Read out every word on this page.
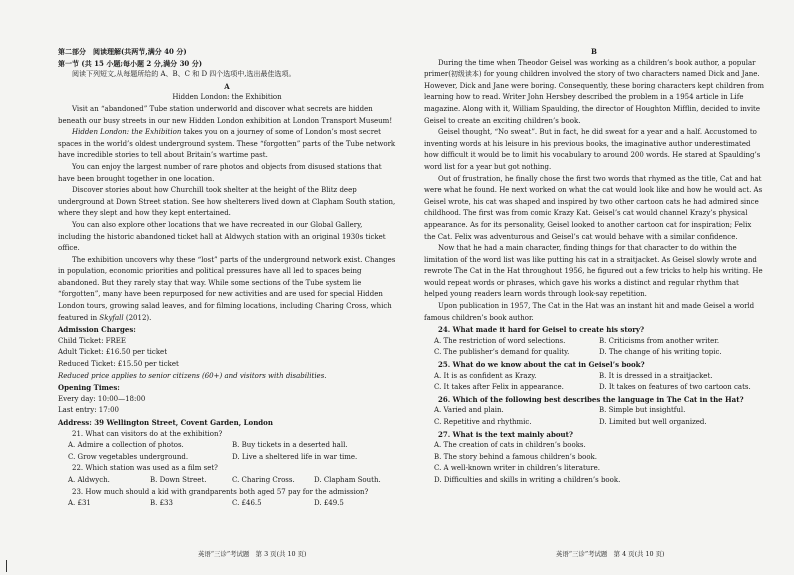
第二部分　阅读理解(共两节,满分 40 分)

第一节 (共 15 小题;每小题 2 分,满分 30 分)

阅读下列短文,从每题所给的 A、B、C 和 D 四个选项中,选出最佳选项。

A

Hidden London: the Exhibition

Visit an “abandoned” Tube station underworld and discover what secrets are hidden beneath our busy streets in our new Hidden London exhibition at London Transport Museum!

Hidden London: the Exhibition takes you on a journey of some of London’s most secret spaces in the world’s oldest underground system. These “forgotten” parts of the Tube network have incredible stories to tell about Britain’s wartime past.

You can enjoy the largest number of rare photos and objects from disused stations that have been brought together in one location.

Discover stories about how Churchill took shelter at the height of the Blitz deep underground at Down Street station. See how shelterers lived down at Clapham South station, where they slept and how they kept entertained.

You can also explore other locations that we have recreated in our Global Gallery, including the historic abandoned ticket hall at Aldwych station with an original 1930s ticket office.

The exhibition uncovers why these “lost” parts of the underground network exist. Changes in population, economic priorities and political pressures have all led to spaces being abandoned. But they rarely stay that way. While some sections of the Tube system lie “forgotten”, many have been repurposed for new activities and are used for special Hidden London tours, growing salad leaves, and for filming locations, including Charing Cross, which featured in Skyfall (2012).

Admission Charges:

Child Ticket: FREE

Adult Ticket: £16.50 per ticket

Reduced Ticket: £15.50 per ticket

Reduced price applies to senior citizens (60+) and visitors with disabilities.

Opening Times:

Every day: 10:00—18:00

Last entry: 17:00

Address: 39 Wellington Street, Covent Garden, London

21. What can visitors do at the exhibition?

A. Admire a collection of photos.	B. Buy tickets in a deserted hall.
C. Grow vegetables underground.	D. Live a sheltered life in war time.

22. Which station was used as a film set?

A. Aldwych.	B. Down Street.	C. Charing Cross.	D. Clapham South.

23. How much should a kid with grandparents both aged 57 pay for the admission?

A. £31	B. £33	C. £46.5	D. £49.5
英语“三诊”考试题　第 3 页(共 10 页)

B

During the time when Theodor Geisel was working as a children’s book author, a popular primer(初级读本) for young children involved the story of two characters named Dick and Jane. However, Dick and Jane were boring. Consequently, these boring characters kept children from learning how to read. Writer John Hersbey described the problem in a 1954 article in Life magazine. Along with it, William Spaulding, the director of Houghton Mifflin, decided to invite Geisel to create an exciting children’s book.

Geisel thought, “No sweat”. But in fact, he did sweat for a year and a half. Accustomed to inventing words at his leisure in his previous books, the imaginative author underestimated how difficult it would be to limit his vocabulary to around 200 words. He stared at Spaulding’s word list for a year but got nothing.

Out of frustration, he finally chose the first two words that rhymed as the title, Cat and hat were what he found. He next worked on what the cat would look like and how he would act. As Geisel wrote, his cat was shaped and inspired by two other cartoon cats he had admired since childhood. The first was from comic Krazy Kat. Geisel’s cat would channel Krazy’s physical appearance. As for its personality, Geisel looked to another cartoon cat for inspiration; Felix the Cat. Felix was adventurous and Geisel’s cat would behave with a similar confidence.

Now that he had a main character, finding things for that character to do within the limitation of the word list was like putting his cat in a straitjacket. As Geisel slowly wrote and rewrote The Cat in the Hat throughout 1956, he figured out a few tricks to help his writing. He would repeat words or phrases, which gave his works a distinct and regular rhythm that helped young readers learn words through look-say repetition.

Upon publication in 1957, The Cat in the Hat was an instant hit and made Geisel a world famous children’s book author.

24. What made it hard for Geisel to create his story?

A. The restriction of word selections.	B. Criticisms from another writer.
C. The publisher’s demand for quality.	D. The change of his writing topic.

25. What do we know about the cat in Geisel’s book?

A. It is as confident as Krazy.	B. It is dressed in a straitjacket.
C. It takes after Felix in appearance.	D. It takes on features of two cartoon cats.

26. Which of the following best describes the language in The Cat in the Hat?

A. Varied and plain.	B. Simple but insightful.
C. Repetitive and rhythmic.	D. Limited but well organized.

27. What is the text mainly about?

A. The creation of cats in children’s books.

B. The story behind a famous children’s book.

C. A well-known writer in children’s literature.

D. Difficulties and skills in writing a children’s book.

英语“三诊”考试题　第 4 页(共 10 页)
